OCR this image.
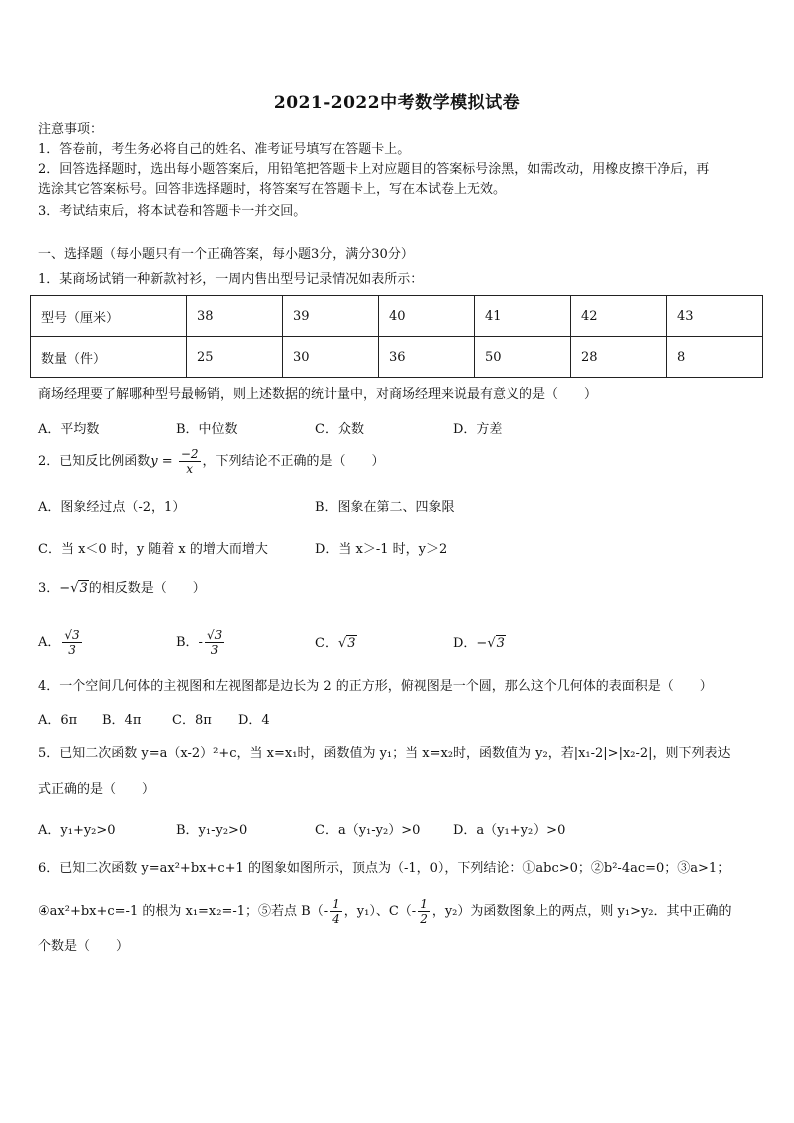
2021-2022中考数学模拟试卷
注意事项：
1．答卷前，考生务必将自己的姓名、准考证号填写在答题卡上。
2．回答选择题时，选出每小题答案后，用铅笔把答题卡上对应题目的答案标号涂黑，如需改动，用橡皮擦干净后，再
选涂其它答案标号。回答非选择题时，将答案写在答题卡上，写在本试卷上无效。
3．考试结束后，将本试卷和答题卡一并交回。
一、选择题（每小题只有一个正确答案，每小题3分，满分30分）
1．某商场试销一种新款衬衫，一周内售出型号记录情况如表所示：
型号（厘米）	38	39	40	41	42	43
数量（件）	25	30	36	50	28	8
商场经理要了解哪种型号最畅销，则上述数据的统计量中，对商场经理来说最有意义的是（　　）
A．平均数	B．中位数	C．众数	D．方差
2．已知反比例函数$y = \frac{-2}{x}$ ，下列结论不正确的是（　　）
A．图象经过点（-2，1）	B．图象在第二、四象限
C．当 x＜0 时，y 随着 x 的增大而增大	D．当 x＞-1 时，y＞2
3．−√3的相反数是（　　）
A． $\frac{√3}{3}$	B．- $\frac{√3}{3}$	C．√3	D．−√3
4．一个空间几何体的主视图和左视图都是边长为 2 的正方形，俯视图是一个圆，那么这个几何体的表面积是（　　）
A．6π B．4π C．8π D．4
5．已知二次函数 y=a（x-2）²+c，当 x=x₁时，函数值为 y₁；当 x=x₂时，函数值为 y₂，若|x₁-2|>|x₂-2|，则下列表达
式正确的是（　　）
A．y₁+y₂>0	B．y₁-y₂>0	C．a（y₁-y₂）>0	D．a（y₁+y₂）>0
6．已知二次函数 y=ax²+bx+c+1 的图象如图所示，顶点为（-1，0），下列结论：①abc>0；②b²-4ac=0；③a>1；
④ax²+bx+c=-1 的根为 x₁=x₂=-1；⑤若点 $B(- \frac{1}{4}$ ，y₁）、$C(- \frac{1}{2}$ ，y₂）为函数图象上的两点，则 y₁>y₂．其中正确的
个数是（　　）
